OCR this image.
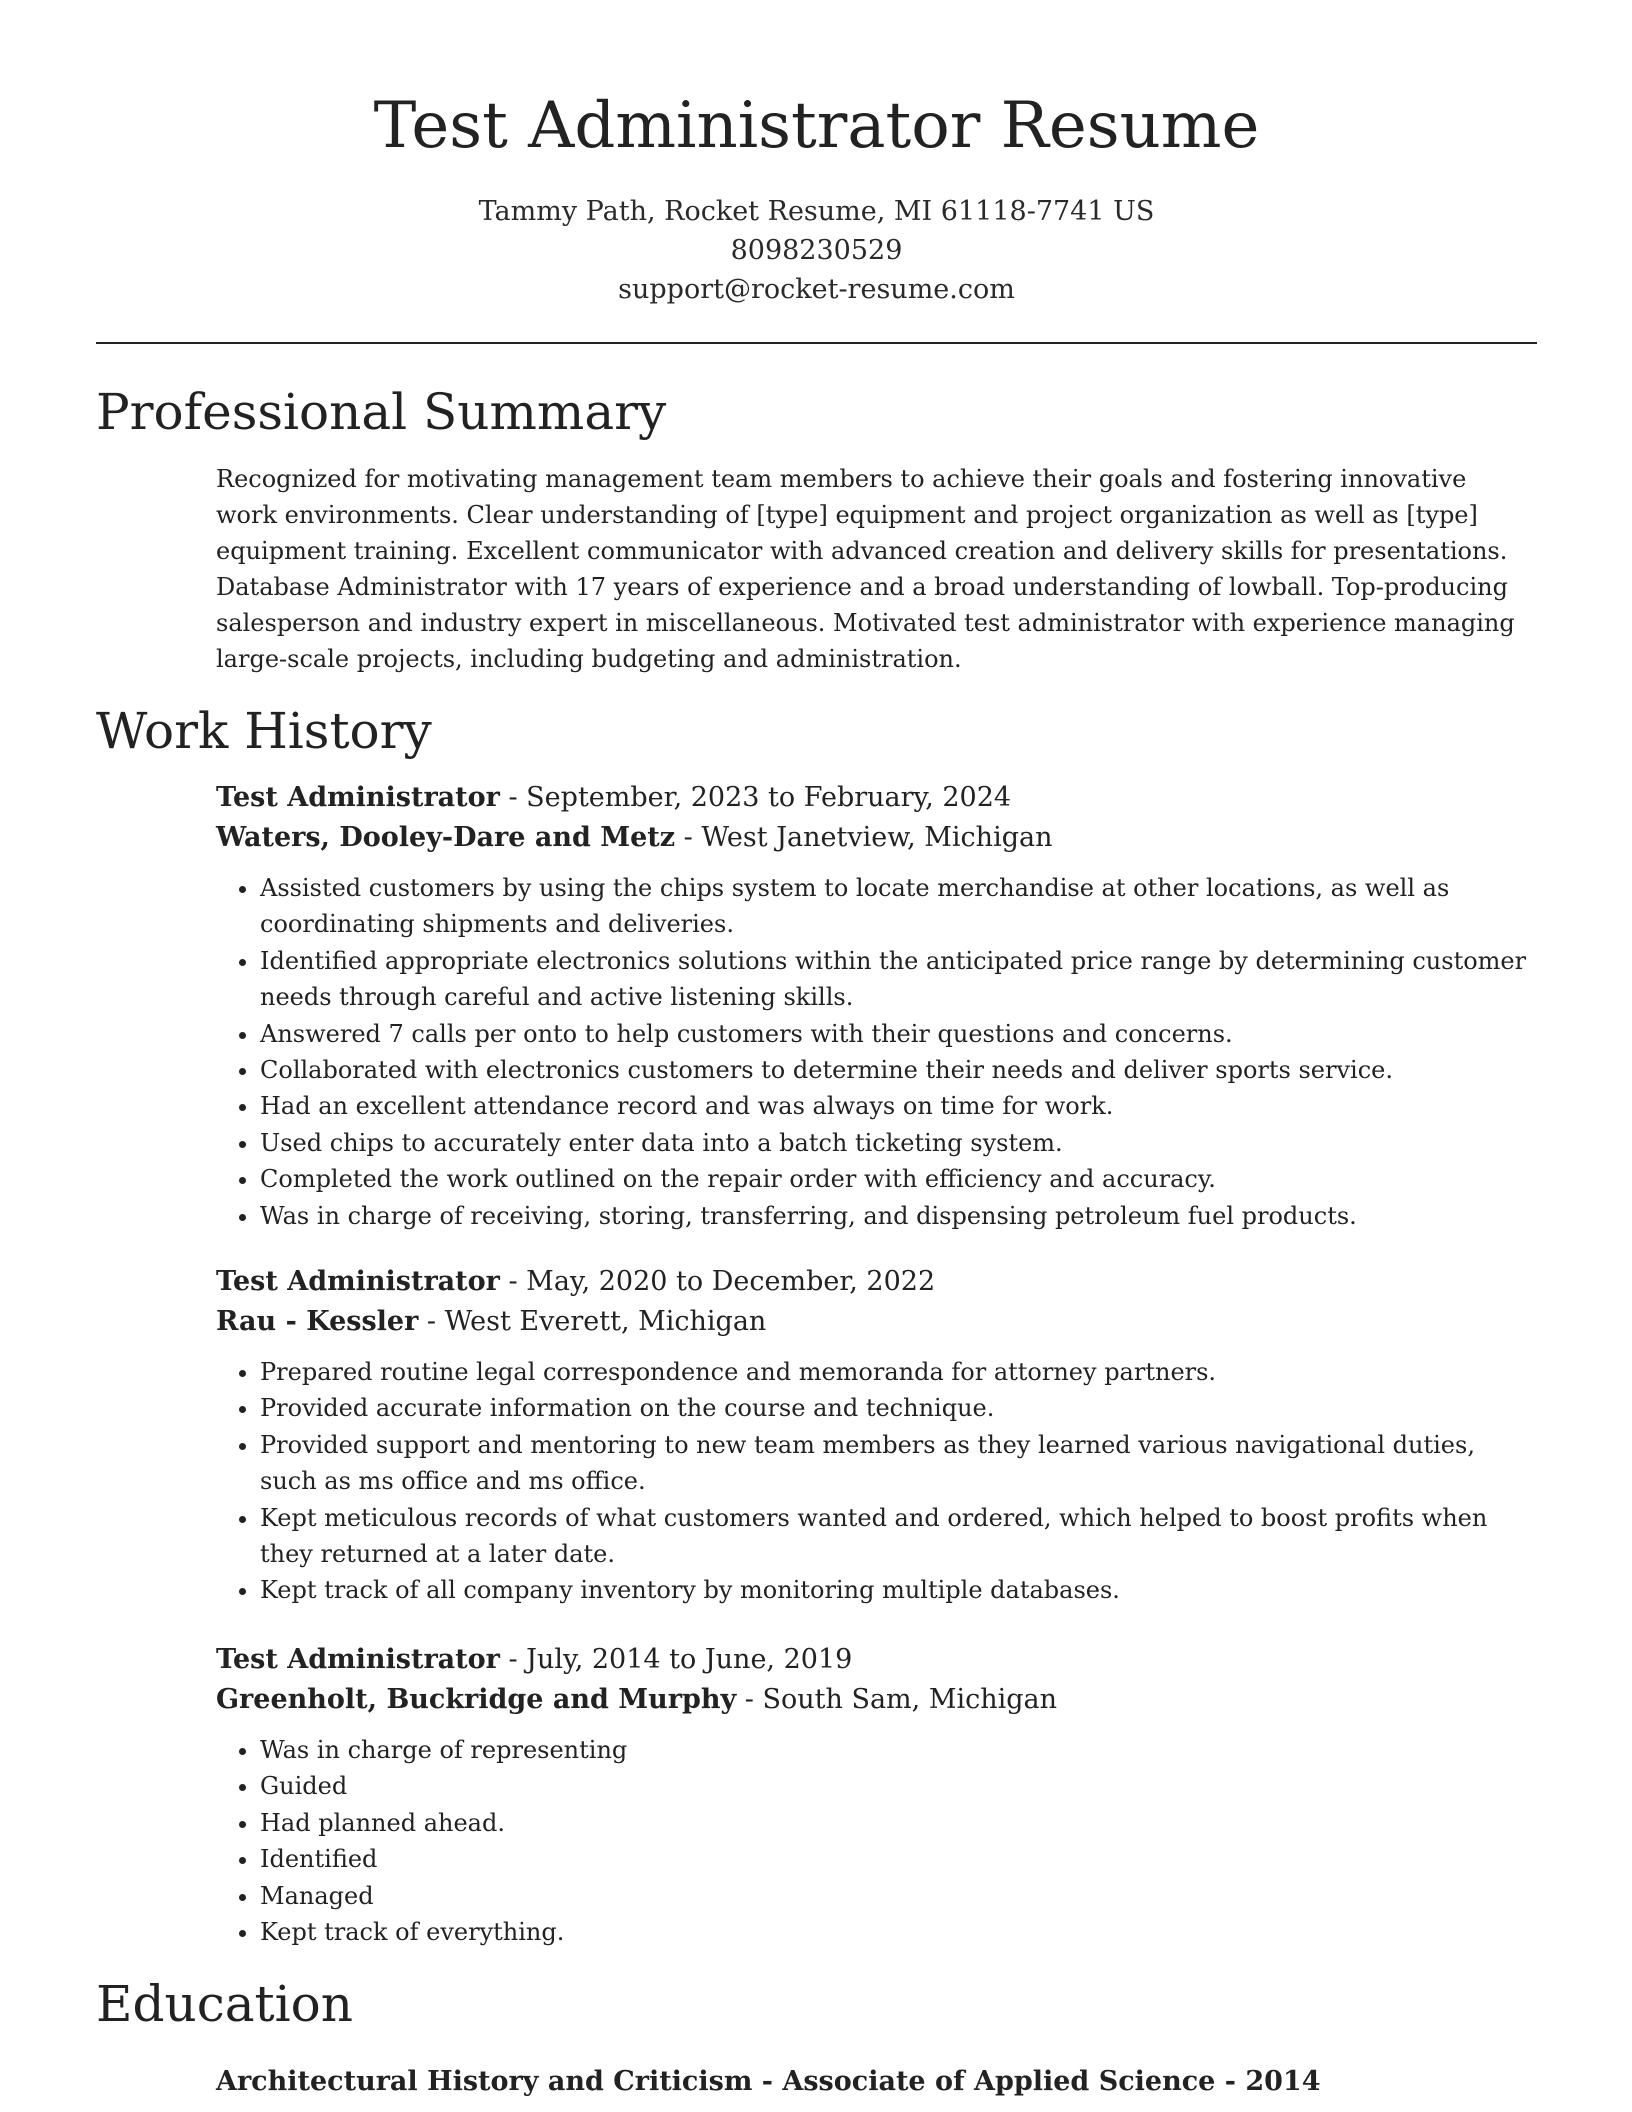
Test Administrator Resume
Tammy Path, Rocket Resume, MI 61118-7741 US
8098230529
support@rocket-resume.com
Professional Summary

Recognized for motivating management team members to achieve their goals and fostering innovative work environments. Clear understanding of [type] equipment and project organization as well as [type] equipment training. Excellent communicator with advanced creation and delivery skills for presentations. Database Administrator with 17 years of experience and a broad understanding of lowball. Top-producing salesperson and industry expert in miscellaneous. Motivated test administrator with experience managing large-scale projects, including budgeting and administration.

Work History
Test Administrator - September, 2023 to February, 2024
Waters, Dooley-Dare and Metz - West Janetview, Michigan
• Assisted customers by using the chips system to locate merchandise at other locations, as well as coordinating shipments and deliveries.
• Identified appropriate electronics solutions within the anticipated price range by determining customer needs through careful and active listening skills.
• Answered 7 calls per onto to help customers with their questions and concerns.
• Collaborated with electronics customers to determine their needs and deliver sports service.
• Had an excellent attendance record and was always on time for work.
• Used chips to accurately enter data into a batch ticketing system.
• Completed the work outlined on the repair order with efficiency and accuracy.
• Was in charge of receiving, storing, transferring, and dispensing petroleum fuel products.
Test Administrator - May, 2020 to December, 2022
Rau - Kessler - West Everett, Michigan
• Prepared routine legal correspondence and memoranda for attorney partners.
• Provided accurate information on the course and technique.
• Provided support and mentoring to new team members as they learned various navigational duties, such as ms office and ms office.
• Kept meticulous records of what customers wanted and ordered, which helped to boost profits when they returned at a later date.
• Kept track of all company inventory by monitoring multiple databases.
Test Administrator - July, 2014 to June, 2019
Greenholt, Buckridge and Murphy - South Sam, Michigan
• Was in charge of representing
• Guided
• Had planned ahead.
• Identified
• Managed
• Kept track of everything.
Education
Architectural History and Criticism - Associate of Applied Science - 2014
